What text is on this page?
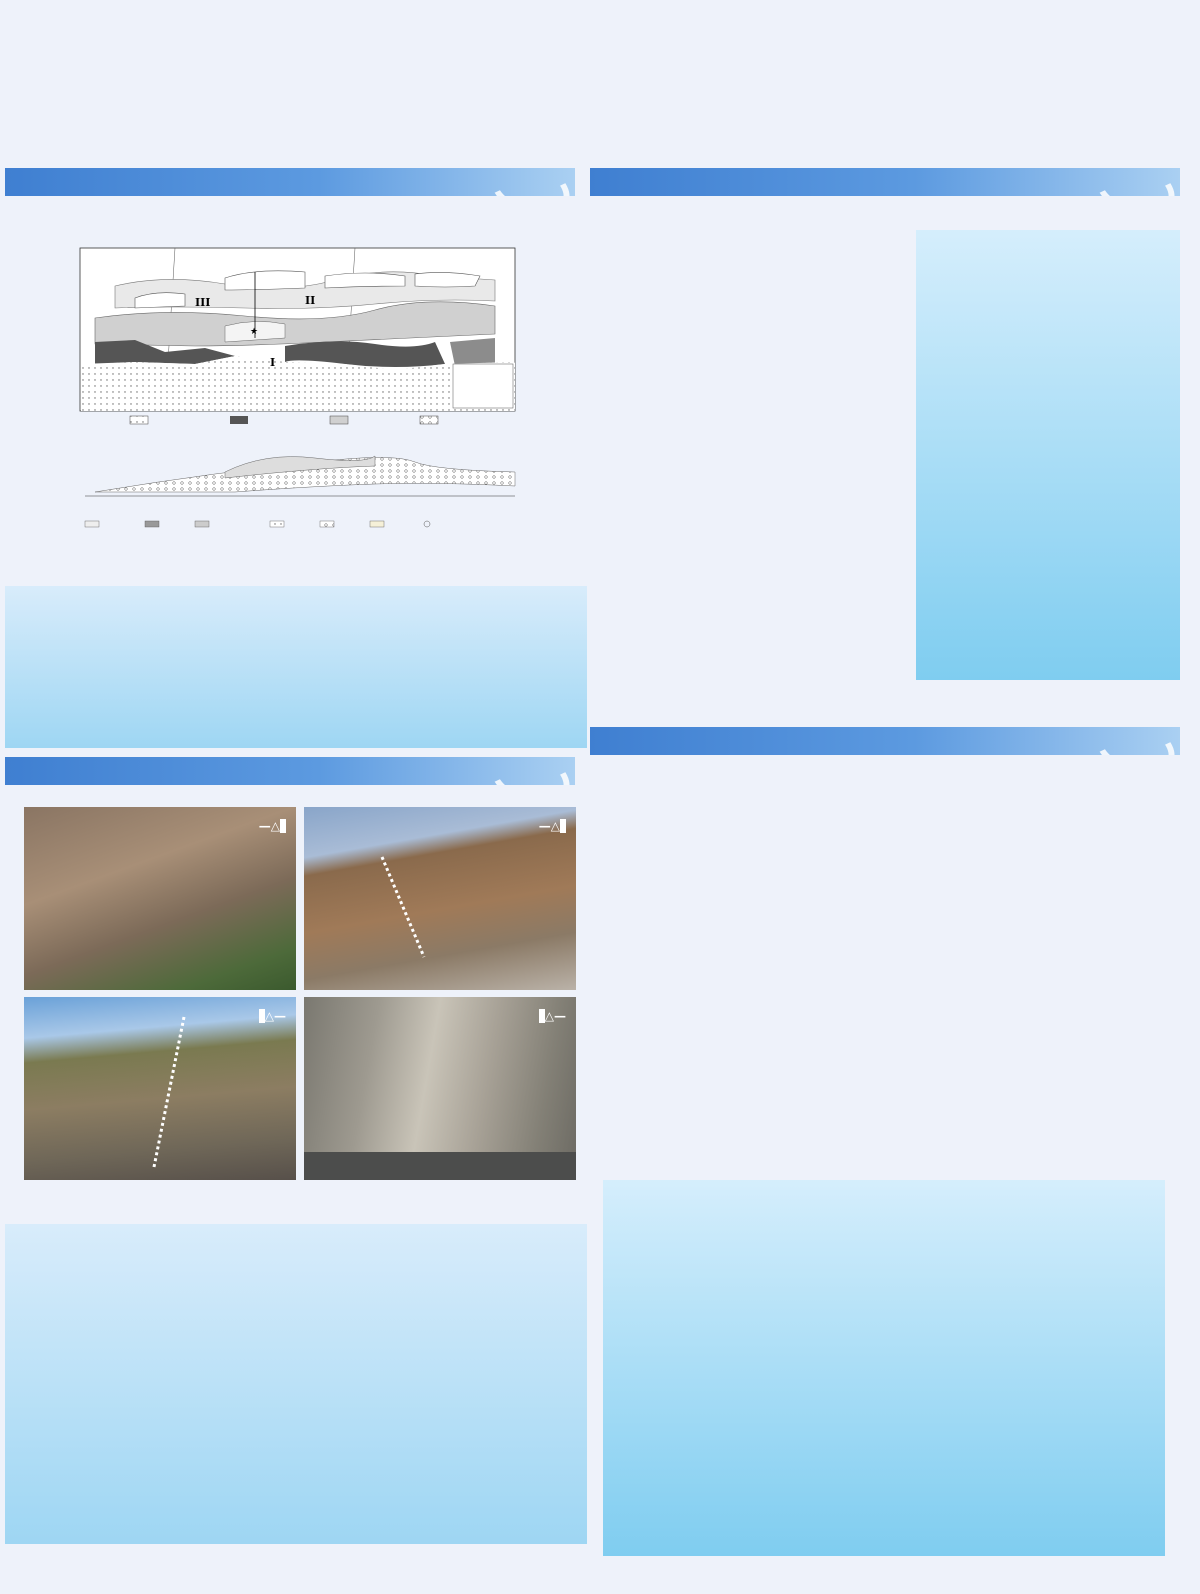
III	II
I
★

—△	—△
△—	△—
